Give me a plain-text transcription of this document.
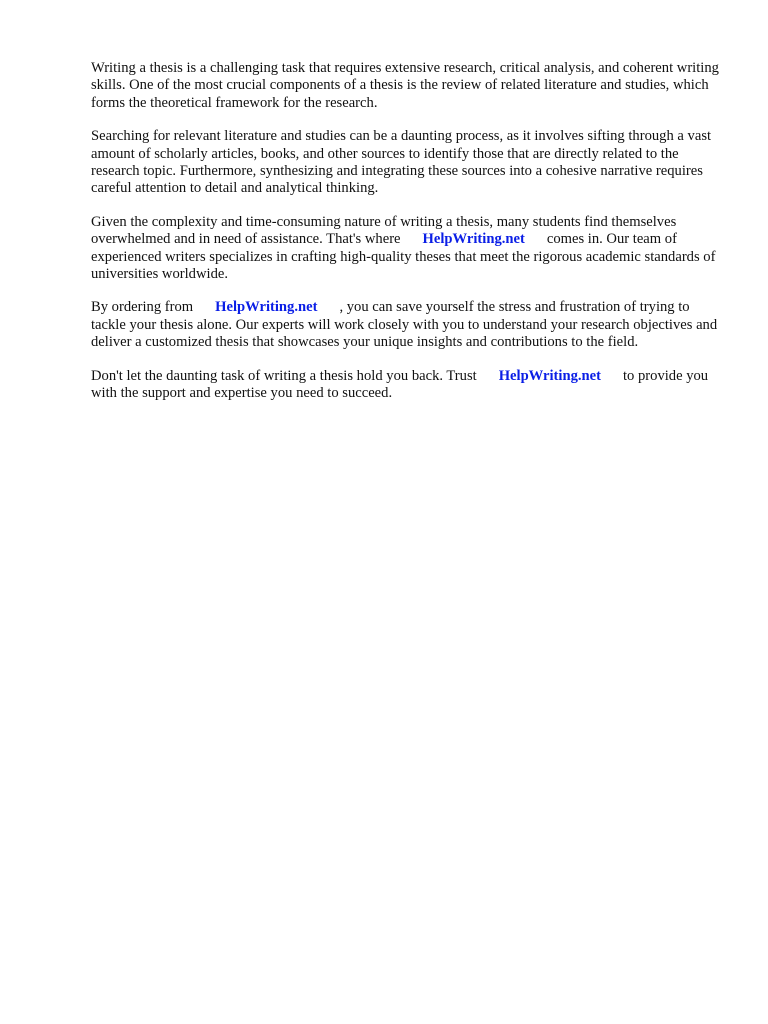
Writing a thesis is a challenging task that requires extensive research, critical analysis, and coherent writing skills. One of the most crucial components of a thesis is the review of related literature and studies, which forms the theoretical framework for the research.

Searching for relevant literature and studies can be a daunting process, as it involves sifting through a vast amount of scholarly articles, books, and other sources to identify those that are directly related to the research topic. Furthermore, synthesizing and integrating these sources into a cohesive narrative requires careful attention to detail and analytical thinking.

Given the complexity and time-consuming nature of writing a thesis, many students find themselves overwhelmed and in need of assistance. That's where HelpWriting.net comes in. Our team of experienced writers specializes in crafting high-quality theses that meet the rigorous academic standards of universities worldwide.

By ordering from HelpWriting.net , you can save yourself the stress and frustration of trying to tackle your thesis alone. Our experts will work closely with you to understand your research objectives and deliver a customized thesis that showcases your unique insights and contributions to the field.

Don't let the daunting task of writing a thesis hold you back. Trust HelpWriting.net to provide you with the support and expertise you need to succeed.
